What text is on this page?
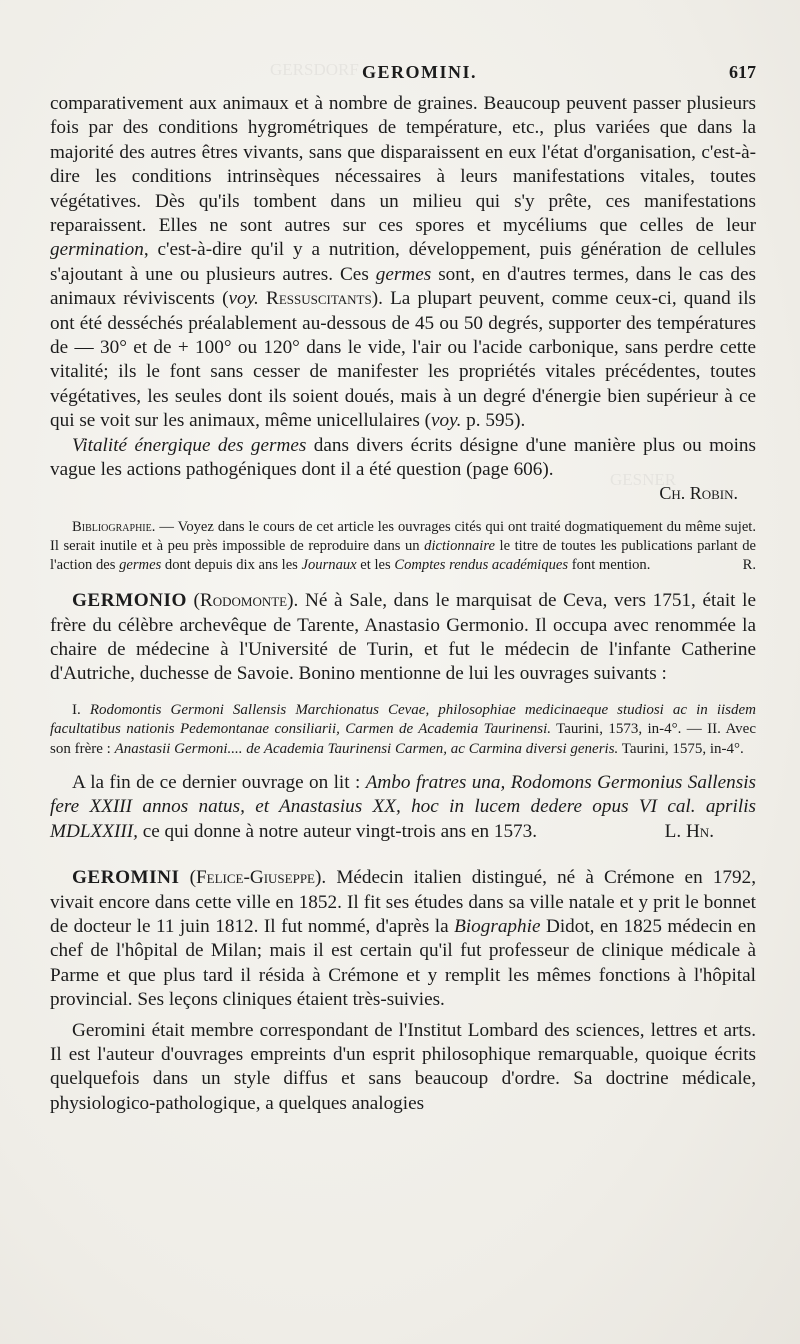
GERSDORF
GESNER
GEROMINI.	617

comparativement aux animaux et à nombre de graines. Beaucoup peuvent passer plusieurs fois par des conditions hygrométriques de température, etc., plus variées que dans la majorité des autres êtres vivants, sans que disparaissent en eux l'état d'organisation, c'est-à-dire les conditions intrinsèques nécessaires à leurs manifestations vitales, toutes végétatives. Dès qu'ils tombent dans un milieu qui s'y prête, ces manifestations reparaissent. Elles ne sont autres sur ces spores et mycéliums que celles de leur germination, c'est-à-dire qu'il y a nutrition, développement, puis génération de cellules s'ajoutant à une ou plusieurs autres. Ces germes sont, en d'autres termes, dans le cas des animaux réviviscents (voy. Ressuscitants). La plupart peuvent, comme ceux-ci, quand ils ont été desséchés préalablement au-dessous de 45 ou 50 degrés, supporter des températures de — 30° et de + 100° ou 120° dans le vide, l'air ou l'acide carbonique, sans perdre cette vitalité; ils le font sans cesser de manifester les propriétés vitales précédentes, toutes végétatives, les seules dont ils soient doués, mais à un degré d'énergie bien supérieur à ce qui se voit sur les animaux, même unicellulaires (voy. p. 595).

Vitalité énergique des germes dans divers écrits désigne d'une manière plus ou moins vague les actions pathogéniques dont il a été question (page 606).

Ch. Robin.

Bibliographie. — Voyez dans le cours de cet article les ouvrages cités qui ont traité dogmatiquement du même sujet. Il serait inutile et à peu près impossible de reproduire dans un dictionnaire le titre de toutes les publications parlant de l'action des germes dont depuis dix ans les Journaux et les Comptes rendus académiques font mention.	R.

GERMONIO (Rodomonte). Né à Sale, dans le marquisat de Ceva, vers 1751, était le frère du célèbre archevêque de Tarente, Anastasio Germonio. Il occupa avec renommée la chaire de médecine à l'Université de Turin, et fut le médecin de l'infante Catherine d'Autriche, duchesse de Savoie. Bonino mentionne de lui les ouvrages suivants :

I. Rodomontis Germoni Sallensis Marchionatus Cevae, philosophiae medicinaeque studiosi ac in iisdem facultatibus nationis Pedemontanae consiliarii, Carmen de Academia Taurinensi. Taurini, 1573, in-4°. — II. Avec son frère : Anastasii Germoni.... de Academia Taurinensi Carmen, ac Carmina diversi generis. Taurini, 1575, in-4°.

A la fin de ce dernier ouvrage on lit : Ambo fratres una, Rodomons Germonius Sallensis fere XXIII annos natus, et Anastasius XX, hoc in lucem dedere opus VI cal. aprilis MDLXXIII, ce qui donne à notre auteur vingt-trois ans en 1573.	L. Hn.

GEROMINI (Felice-Giuseppe). Médecin italien distingué, né à Crémone en 1792, vivait encore dans cette ville en 1852. Il fit ses études dans sa ville natale et y prit le bonnet de docteur le 11 juin 1812. Il fut nommé, d'après la Biographie Didot, en 1825 médecin en chef de l'hôpital de Milan; mais il est certain qu'il fut professeur de clinique médicale à Parme et que plus tard il résida à Crémone et y remplit les mêmes fonctions à l'hôpital provincial. Ses leçons cliniques étaient très-suivies.

Geromini était membre correspondant de l'Institut Lombard des sciences, lettres et arts. Il est l'auteur d'ouvrages empreints d'un esprit philosophique remarquable, quoique écrits quelquefois dans un style diffus et sans beaucoup d'ordre. Sa doctrine médicale, physiologico-pathologique, a quelques analogies
